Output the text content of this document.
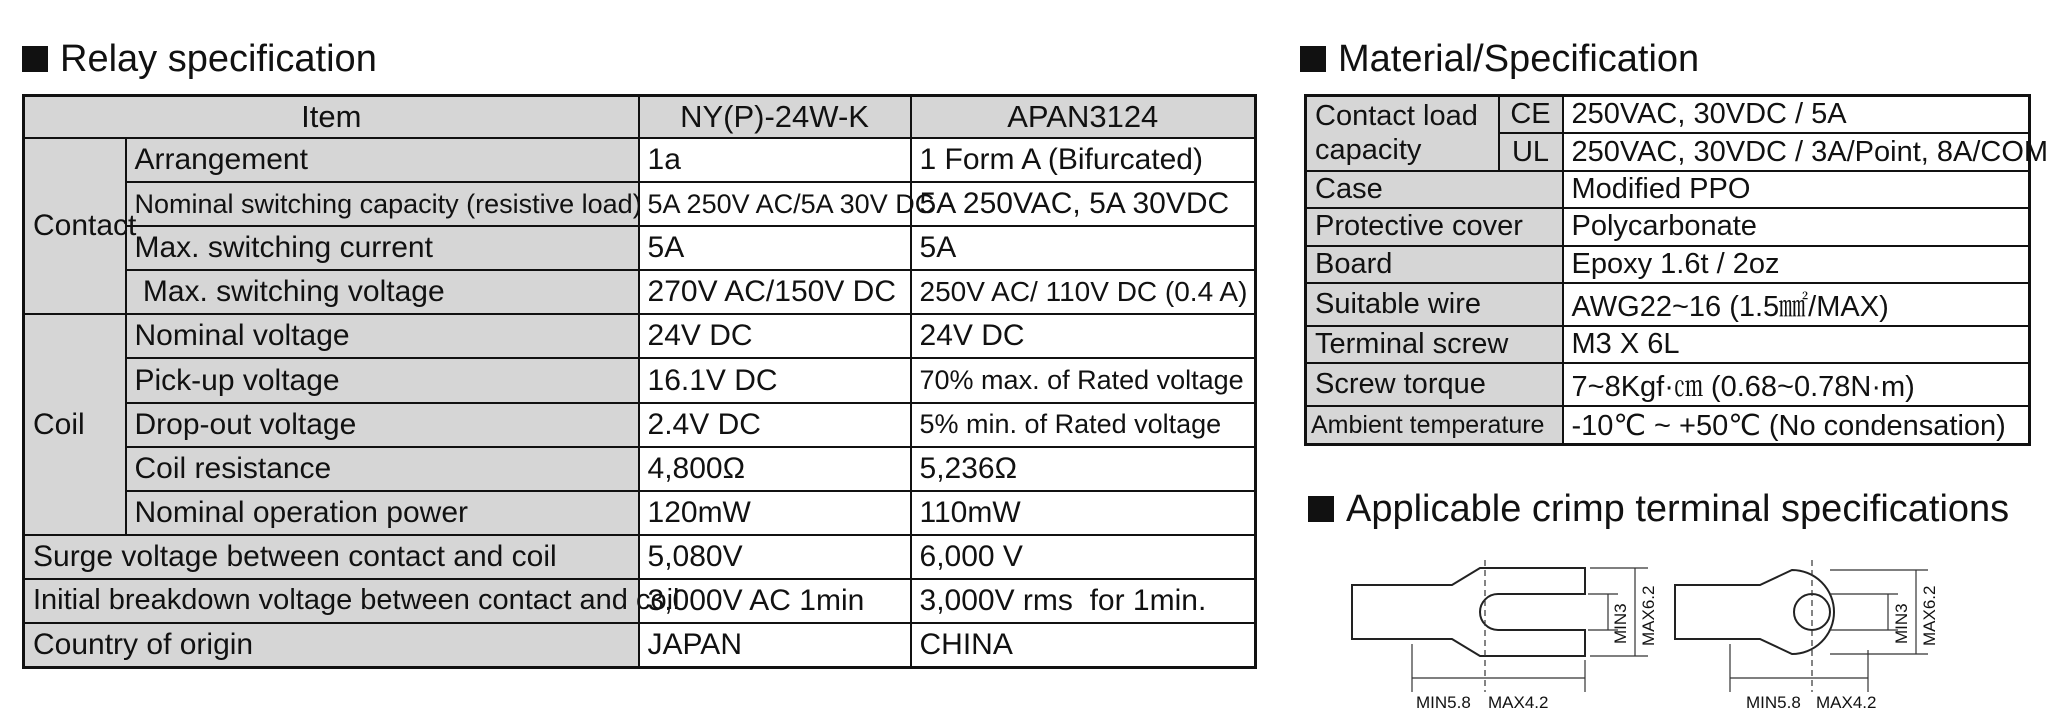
Relay specification
Item		NY(P)-24W-K	APAN3124
Contact	Arrangement	1a	1 Form A (Bifurcated)
	Nominal switching capacity (resistive load)	5A 250V AC/5A 30V DC	5A 250VAC, 5A 30VDC
	Max. switching current	5A	5A
	Max. switching voltage	270V AC/150V DC	250V AC/ 110V DC (0.4 A)
Coil	Nominal voltage	24V DC	24V DC
	Pick-up voltage	16.1V DC	70% max. of Rated voltage
	Drop-out voltage	2.4V DC	5% min. of Rated voltage
	Coil resistance	4,800Ω	5,236Ω
	Nominal operation power	120mW	110mW
Surge voltage between contact and coil		5,080V	6,000 V
Initial breakdown voltage between contact and coil		3,000V AC 1min	3,000V rms  for 1min.
Country of origin		JAPAN	CHINA
Material/Specification
Contact load capacity	CE	250VAC, 30VDC / 5A
	UL	250VAC, 30VDC / 3A/Point, 8A/COM
Case		Modified PPO
Protective cover		Polycarbonate
Board		Epoxy 1.6t / 2oz
Suitable wire		AWG22~16 (1.5㎟/MAX)
Terminal screw		M3 X 6L
Screw torque		7~8Kgf·㎝ (0.68~0.78N·m)
Ambient temperature		-10℃ ~ +50℃ (No condensation)
Applicable crimp terminal specifications
MIN3 MAX6.2
MIN5.8 MAX4.2
MIN3 MAX6.2
MIN5.8 MAX4.2
